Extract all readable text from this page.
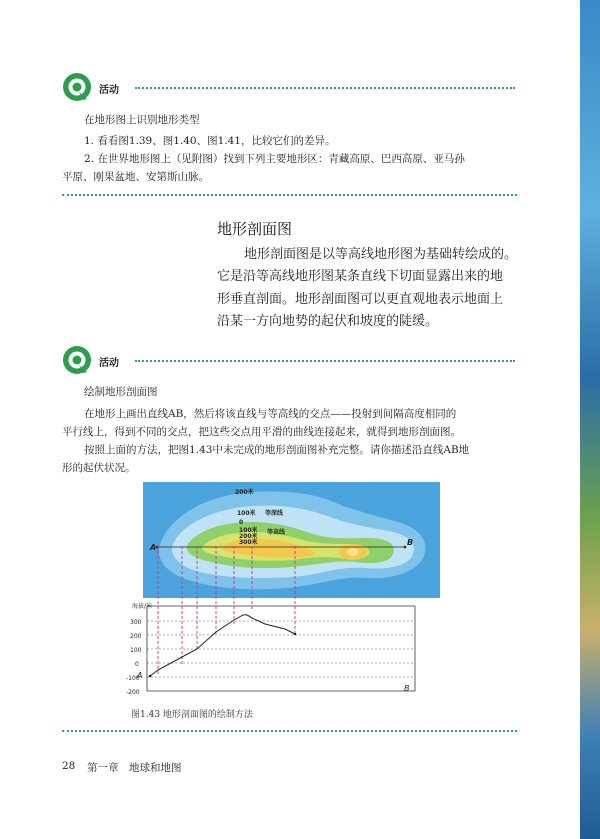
活动
在地形图上识别地形类型
1. 看看图1.39、图1.40、图1.41，比较它们的差异。
2. 在世界地形图上（见附图）找到下列主要地形区：青藏高原、巴西高原、亚马孙
平原、刚果盆地、安第斯山脉。
地形剖面图
地形剖面图是以等高线地形图为基础转绘成的。
它是沿等高线地形图某条直线下切面显露出来的地
形垂直剖面。地形剖面图可以更直观地表示地面上
沿某一方向地势的起伏和坡度的陡缓。
活动
绘制地形剖面图
在地形上画出直线AB，然后将该直线与等高线的交点——投射到间隔高度相同的
平行线上，得到不同的交点，把这些交点用平滑的曲线连接起来，就得到地形剖面图。
按照上面的方法，把图1.43中未完成的地形剖面图补充完整。请你描述沿直线AB地
形的起伏状况。
200米
100米 等深线
0
100米
200米
300米
等高线
A
B
海拔/米
300
200
100
0
-100
-200
A
B
图1.43 地形剖面图的绘制方法
28 第一章 地球和地图
